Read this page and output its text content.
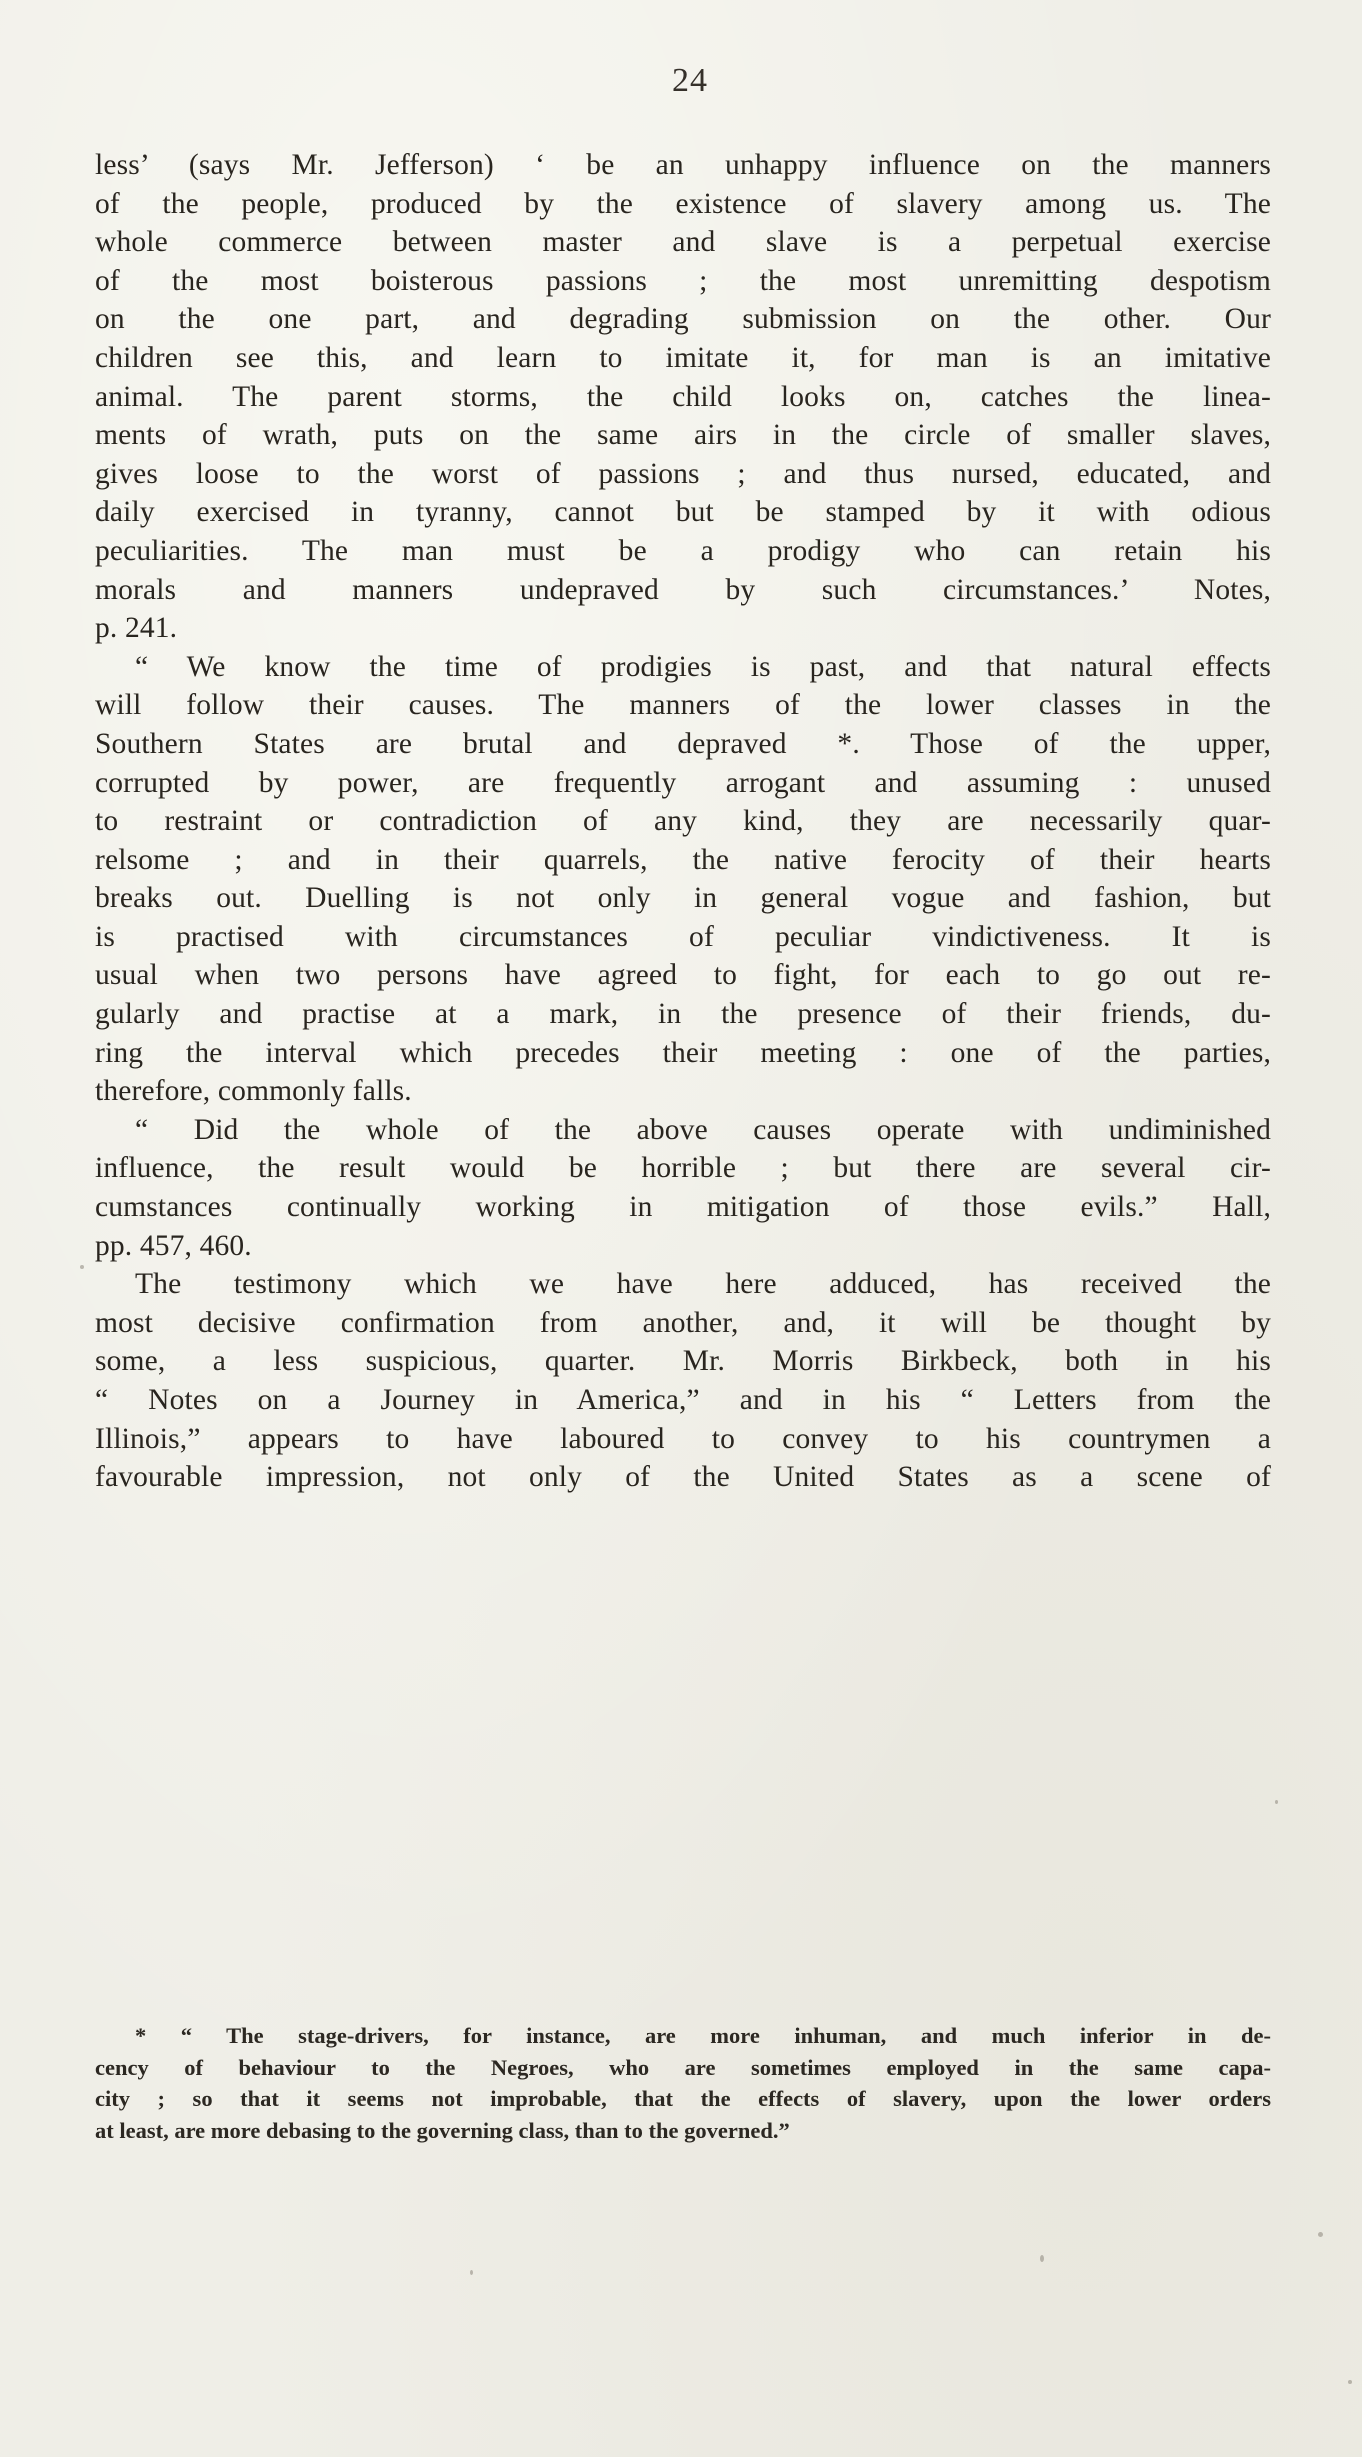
24
less’ (says Mr. Jefferson) ‘ be an unhappy influence on the manners
of the people, produced by the existence of slavery among us. The
whole commerce between master and slave is a perpetual exercise
of the most boisterous passions ; the most unremitting despotism
on the one part, and degrading submission on the other. Our
children see this, and learn to imitate it, for man is an imitative
animal. The parent storms, the child looks on, catches the linea-
ments of wrath, puts on the same airs in the circle of smaller slaves,
gives loose to the worst of passions ; and thus nursed, educated, and
daily exercised in tyranny, cannot but be stamped by it with odious
peculiarities. The man must be a prodigy who can retain his
morals and manners undepraved by such circumstances.’ Notes,
p. 241.
“ We know the time of prodigies is past, and that natural effects
will follow their causes. The manners of the lower classes in the
Southern States are brutal and depraved *. Those of the upper,
corrupted by power, are frequently arrogant and assuming : unused
to restraint or contradiction of any kind, they are necessarily quar-
relsome ; and in their quarrels, the native ferocity of their hearts
breaks out. Duelling is not only in general vogue and fashion, but
is practised with circumstances of peculiar vindictiveness. It is
usual when two persons have agreed to fight, for each to go out re-
gularly and practise at a mark, in the presence of their friends, du-
ring the interval which precedes their meeting : one of the parties,
therefore, commonly falls.
“ Did the whole of the above causes operate with undiminished
influence, the result would be horrible ; but there are several cir-
cumstances continually working in mitigation of those evils.” Hall,
pp. 457, 460.
The testimony which we have here adduced, has received the
most decisive confirmation from another, and, it will be thought by
some, a less suspicious, quarter. Mr. Morris Birkbeck, both in his
“ Notes on a Journey in America,” and in his “ Letters from the
Illinois,” appears to have laboured to convey to his countrymen a
favourable impression, not only of the United States as a scene of
* “ The stage-drivers, for instance, are more inhuman, and much inferior in de-
cency of behaviour to the Negroes, who are sometimes employed in the same capa-
city ; so that it seems not improbable, that the effects of slavery, upon the lower orders
at least, are more debasing to the governing class, than to the governed.”
